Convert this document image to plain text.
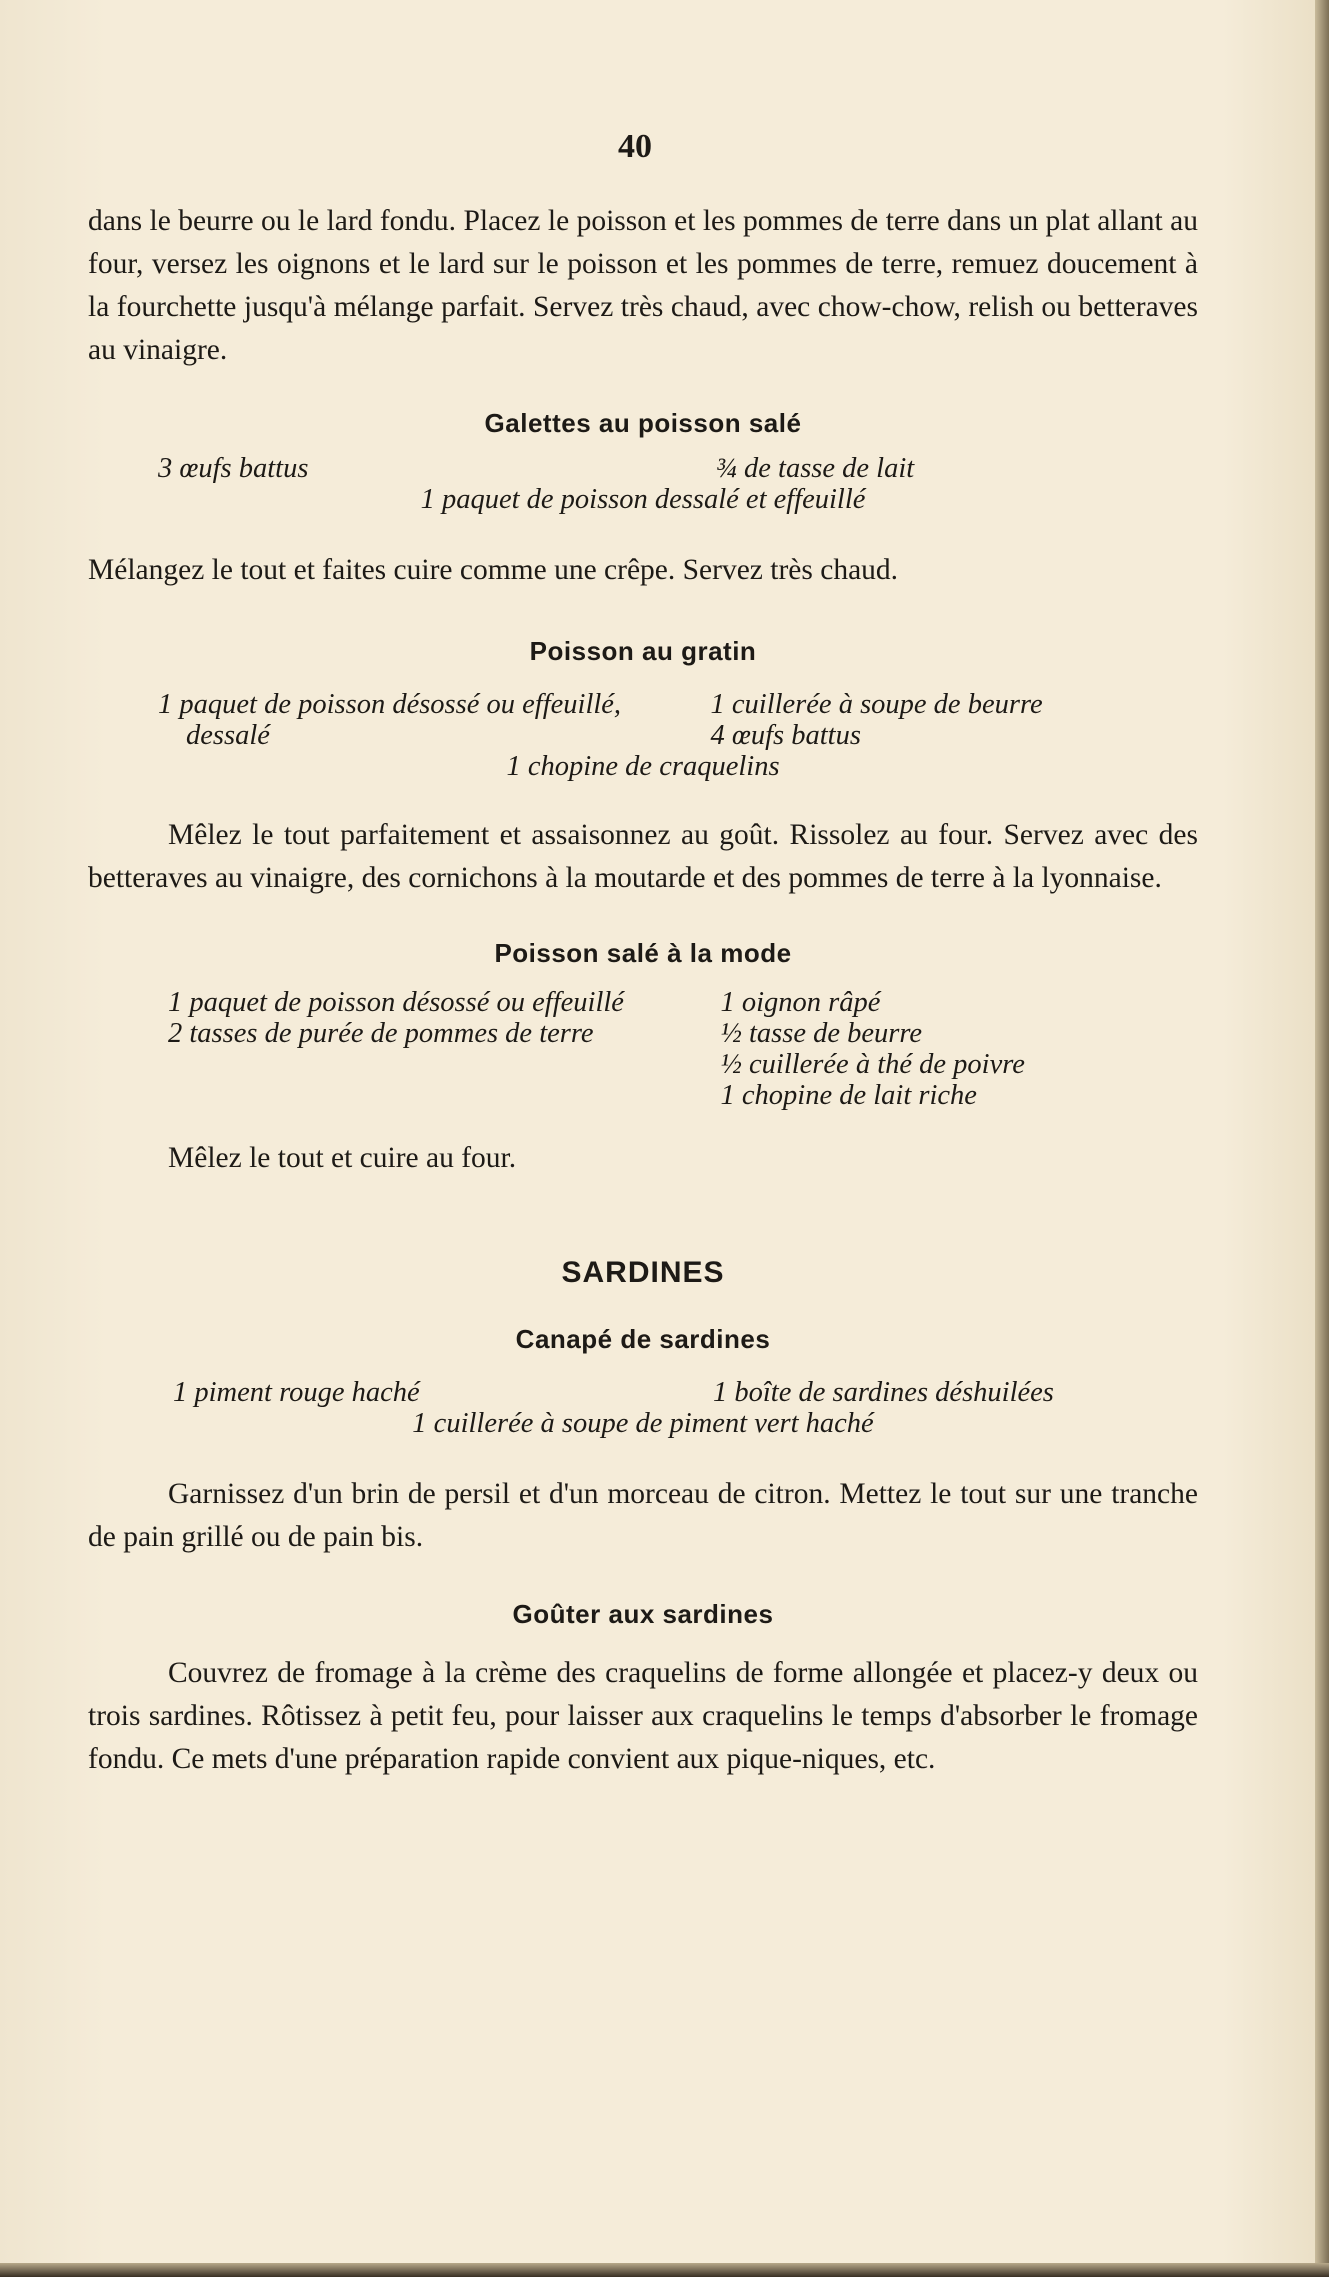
40

dans le beurre ou le lard fondu. Placez le poisson et les pommes de terre dans un plat allant au four, versez les oignons et le lard sur le poisson et les pommes de terre, remuez doucement à la fourchette jusqu'à mélange parfait. Servez très chaud, avec chow-chow, relish ou betteraves au vinaigre.

Galettes au poisson salé
3 œufs battus	¾ de tasse de lait
1 paquet de poisson dessalé et effeuillé

Mélangez le tout et faites cuire comme une crêpe. Servez très chaud.

Poisson au gratin
1 paquet de poisson désossé ou effeuillé, dessalé
1 cuillerée à soupe de beurre
4 œufs battus
1 chopine de craquelins

Mêlez le tout parfaitement et assaisonnez au goût. Rissolez au four. Servez avec des betteraves au vinaigre, des cornichons à la moutarde et des pommes de terre à la lyonnaise.

Poisson salé à la mode
1 paquet de poisson désossé ou effeuillé
2 tasses de purée de pommes de terre
1 oignon râpé
½ tasse de beurre
½ cuillerée à thé de poivre
1 chopine de lait riche

Mêlez le tout et cuire au four.

SARDINES
Canapé de sardines
1 piment rouge haché	1 boîte de sardines déshuilées
1 cuillerée à soupe de piment vert haché

Garnissez d'un brin de persil et d'un morceau de citron. Mettez le tout sur une tranche de pain grillé ou de pain bis.

Goûter aux sardines

Couvrez de fromage à la crème des craquelins de forme allongée et placez-y deux ou trois sardines. Rôtissez à petit feu, pour laisser aux craquelins le temps d'absorber le fromage fondu. Ce mets d'une préparation rapide convient aux pique-niques, etc.
